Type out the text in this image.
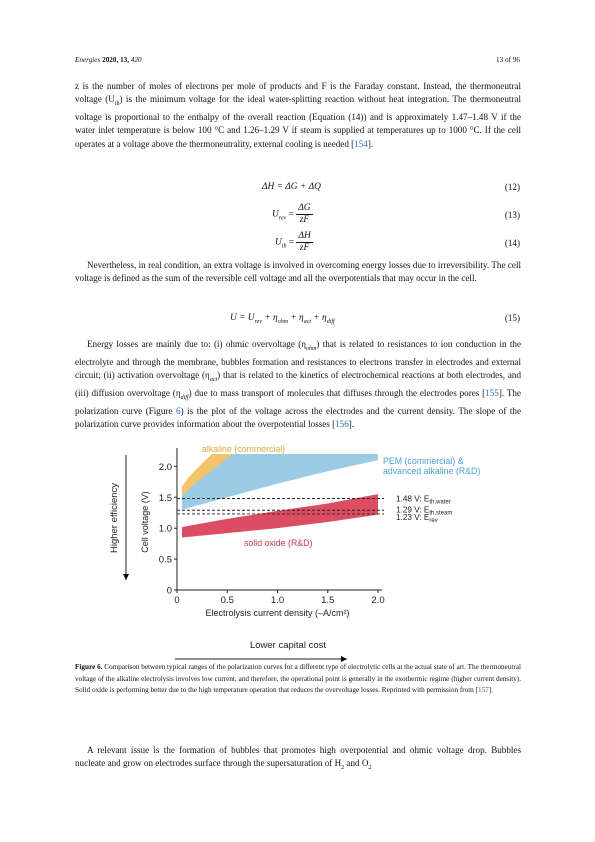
Energies 2020, 13, 420	13 of 96

z is the number of moles of electrons per mole of products and F is the Faraday constant. Instead, the thermoneutral voltage $(U_{th})$ is the minimum voltage for the ideal water-splitting reaction without heat integration. The thermoneutral voltage is proportional to the enthalpy of the overall reaction (Equation (14)) and is approximately 1.47–1.48 V if the water inlet temperature is below 100 °C and 1.26–1.29 V if steam is supplied at temperatures up to 1000 °C. If the cell operates at a voltage above the thermoneutrality, external cooling is needed [154].

ΔH = ΔG + ΔQ	(12)
$U_{rev} = \frac{\Delta G}{zF}$	(13)
$U_{th} = \frac{\Delta H}{zF}$	(14)

Nevertheless, in real condition, an extra voltage is involved in overcoming energy losses due to irreversibility. The cell voltage is defined as the sum of the reversible cell voltage and all the overpotentials that may occur in the cell.

$U = U_{rev} + \eta_{ohm} + \eta_{act} + \eta_{diff}$	(15)

Energy losses are mainly due to: (i) ohmic overvoltage $(\eta_{ohm})$ that is related to resistances to ion conduction in the electrolyte and through the membrane, bubbles formation and resistances to electrons transfer in electrodes and external circuit; (ii) activation overvoltage $(\eta_{act})$ that is related to the kinetics of electrochemical reactions at both electrodes, and (iii) diffusion overvoltage $(\eta_{diff})$ due to mass transport of molecules that diffuses through the electrodes pores [155]. The polarization curve (Figure 6) is the plot of the voltage across the electrodes and the current density. The slope of the polarization curve provides information about the overpotential losses [156].

0	0.5	1.0	1.5	2.0
0
0.5
1.0
1.5
2.0
1.48 V: $E_{th,water}$
1.29 V: $E_{th,steam}$
1.23 V: $E_{rev}$
Electrolysis current density (–A/cm²)
Cell voltage (V)
Higher efficiency
Lower capital cost
alkaline (commercial)
PEM (commercial) &
advanced alkaline (R&D)
solid oxide (R&D)
Figure 6. Comparison between typical ranges of the polarization curves for a different type of electrolytic cells at the actual state of art. The thermoneutral voltage of the alkaline electrolysis involves low current, and therefore, the operational point is generally in the exothermic regime (higher current density). Solid oxide is performing better due to the high temperature operation that reduces the overvoltage losses. Reprinted with permission from [157].

A relevant issue is the formation of bubbles that promotes high overpotential and ohmic voltage drop. Bubbles nucleate and grow on electrodes surface through the supersaturation of $H_2$ and $O_2$
